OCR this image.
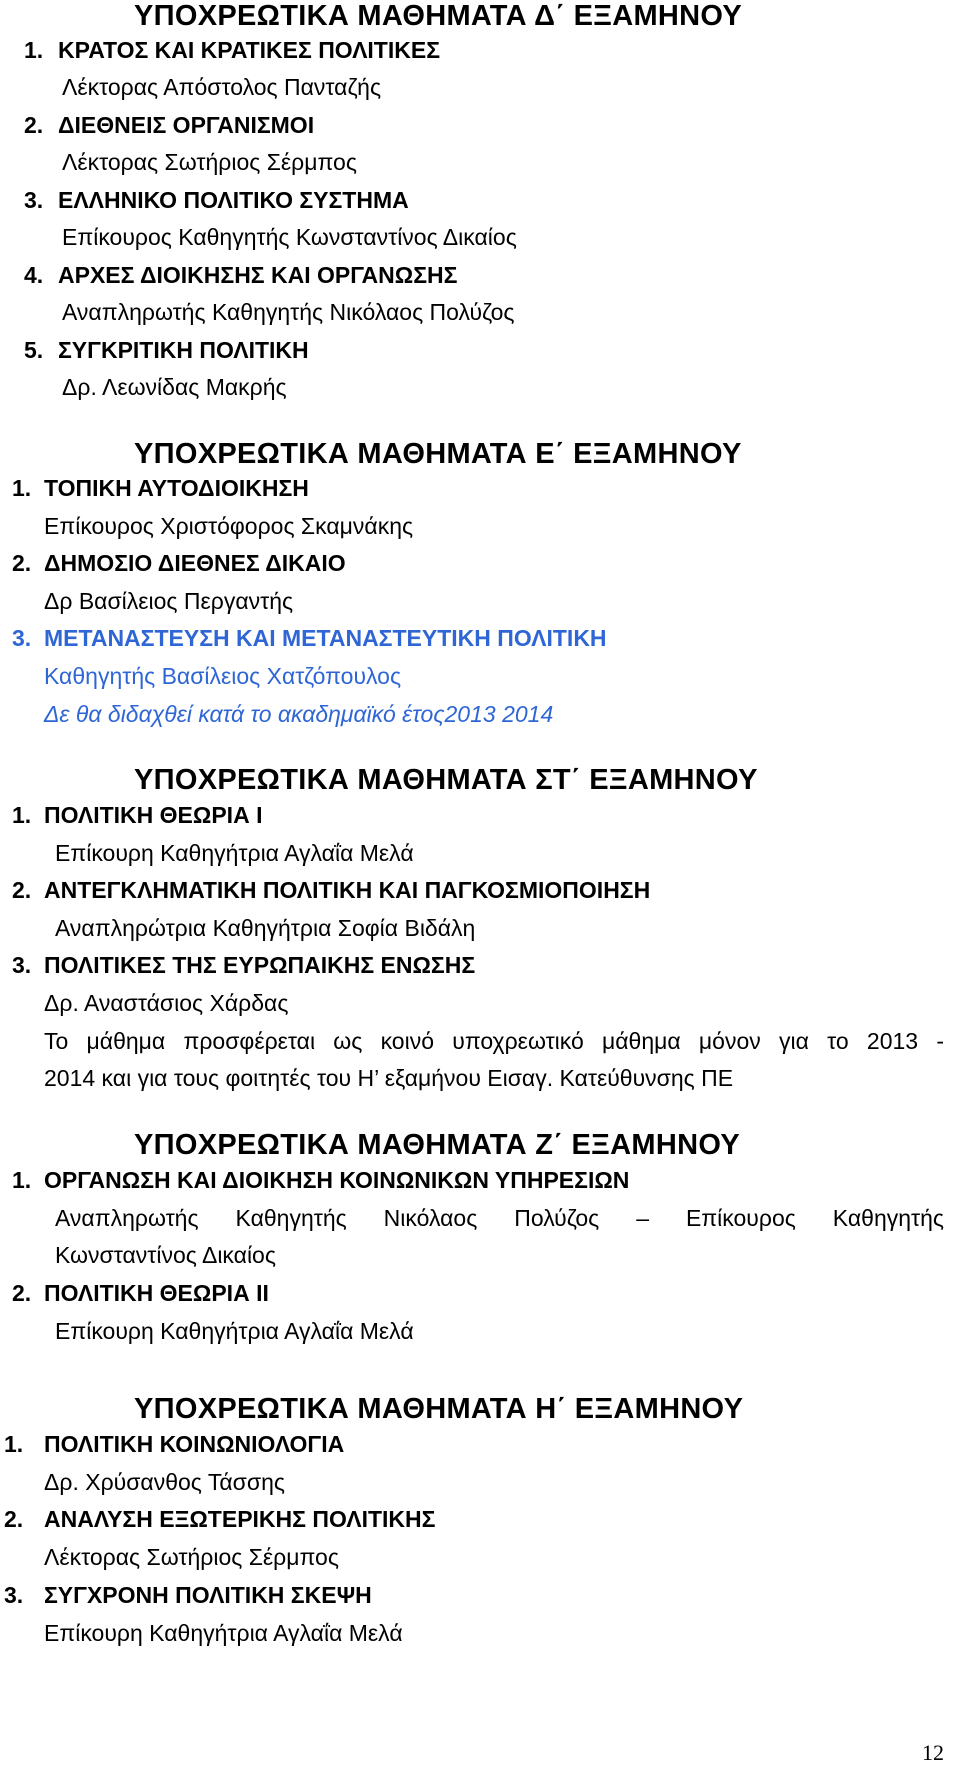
ΥΠΟΧΡΕΩΤΙΚΑ ΜΑΘΗΜΑΤΑ Δ΄ ΕΞΑΜΗΝΟΥ
1. ΚΡΑΤΟΣ ΚΑΙ ΚΡΑΤΙΚΕΣ ΠΟΛΙΤΙΚΕΣ
Λέκτορας Απόστολος Πανταζής
2. ΔΙΕΘΝΕΙΣ ΟΡΓΑΝΙΣΜΟΙ
Λέκτορας Σωτήριος Σέρμπος
3. ΕΛΛΗΝΙΚΟ ΠΟΛΙΤΙΚΟ ΣΥΣΤΗΜΑ
Επίκουρος Καθηγητής Κωνσταντίνος Δικαίος
4. ΑΡΧΕΣ ΔΙΟΙΚΗΣΗΣ ΚΑΙ ΟΡΓΑΝΩΣΗΣ
Αναπληρωτής Καθηγητής Νικόλαος Πολύζος
5. ΣΥΓΚΡΙΤΙΚΗ ΠΟΛΙΤΙΚΗ
Δρ. Λεωνίδας Μακρής
ΥΠΟΧΡΕΩΤΙΚΑ ΜΑΘΗΜΑΤΑ Ε΄ ΕΞΑΜΗΝΟΥ
1. ΤΟΠΙΚΗ ΑΥΤΟΔΙΟΙΚΗΣΗ
Επίκουρος Χριστόφορος Σκαμνάκης
2. ΔΗΜΟΣΙΟ ΔΙΕΘΝΕΣ ΔΙΚΑΙΟ
Δρ Βασίλειος Περγαντής
3. ΜΕΤΑΝΑΣΤΕΥΣΗ ΚΑΙ ΜΕΤΑΝΑΣΤΕΥΤΙΚΗ ΠΟΛΙΤΙΚΗ
Καθηγητής Βασίλειος Χατζόπουλος
Δε θα διδαχθεί κατά το ακαδημαϊκό έτος2013 2014
ΥΠΟΧΡΕΩΤΙΚΑ ΜΑΘΗΜΑΤΑ ΣΤ΄ ΕΞΑΜΗΝΟΥ
1. ΠΟΛΙΤΙΚΗ ΘΕΩΡΙΑ Ι
Επίκουρη Καθηγήτρια Αγλαΐα Μελά
2. ΑΝΤΕΓΚΛΗΜΑΤΙΚΗ ΠΟΛΙΤΙΚΗ ΚΑΙ ΠΑΓΚΟΣΜΙΟΠΟΙΗΣΗ
Αναπληρώτρια Καθηγήτρια Σοφία Βιδάλη
3. ΠΟΛΙΤΙΚΕΣ ΤΗΣ ΕΥΡΩΠΑΙΚΗΣ ΕΝΩΣΗΣ
Δρ. Αναστάσιος Χάρδας
Το μάθημα προσφέρεται ως κοινό υποχρεωτικό μάθημα μόνον για το 2013 -
2014 και για τους φοιτητές του Η’ εξαμήνου Εισαγ. Κατεύθυνσης ΠΕ
ΥΠΟΧΡΕΩΤΙΚΑ ΜΑΘΗΜΑΤΑ Ζ΄ ΕΞΑΜΗΝΟΥ
1. ΟΡΓΑΝΩΣΗ ΚΑΙ ΔΙΟΙΚΗΣΗ ΚΟΙΝΩΝΙΚΩΝ ΥΠΗΡΕΣΙΩΝ
Αναπληρωτής Καθηγητής Νικόλαος Πολύζος – Επίκουρος Καθηγητής
Κωνσταντίνος Δικαίος
2. ΠΟΛΙΤΙΚΗ ΘΕΩΡΙΑ ΙΙ
Επίκουρη Καθηγήτρια Αγλαΐα Μελά
ΥΠΟΧΡΕΩΤΙΚΑ ΜΑΘΗΜΑΤΑ Η΄ ΕΞΑΜΗΝΟΥ
1. ΠΟΛΙΤΙΚΗ ΚΟΙΝΩΝΙΟΛΟΓΙΑ
Δρ. Χρύσανθος Τάσσης
2. ΑΝΑΛΥΣΗ ΕΞΩΤΕΡΙΚΗΣ ΠΟΛΙΤΙΚΗΣ
Λέκτορας Σωτήριος Σέρμπος
3. ΣΥΓΧΡΟΝΗ ΠΟΛΙΤΙΚΗ ΣΚΕΨΗ
Επίκουρη Καθηγήτρια Αγλαΐα Μελά
12
